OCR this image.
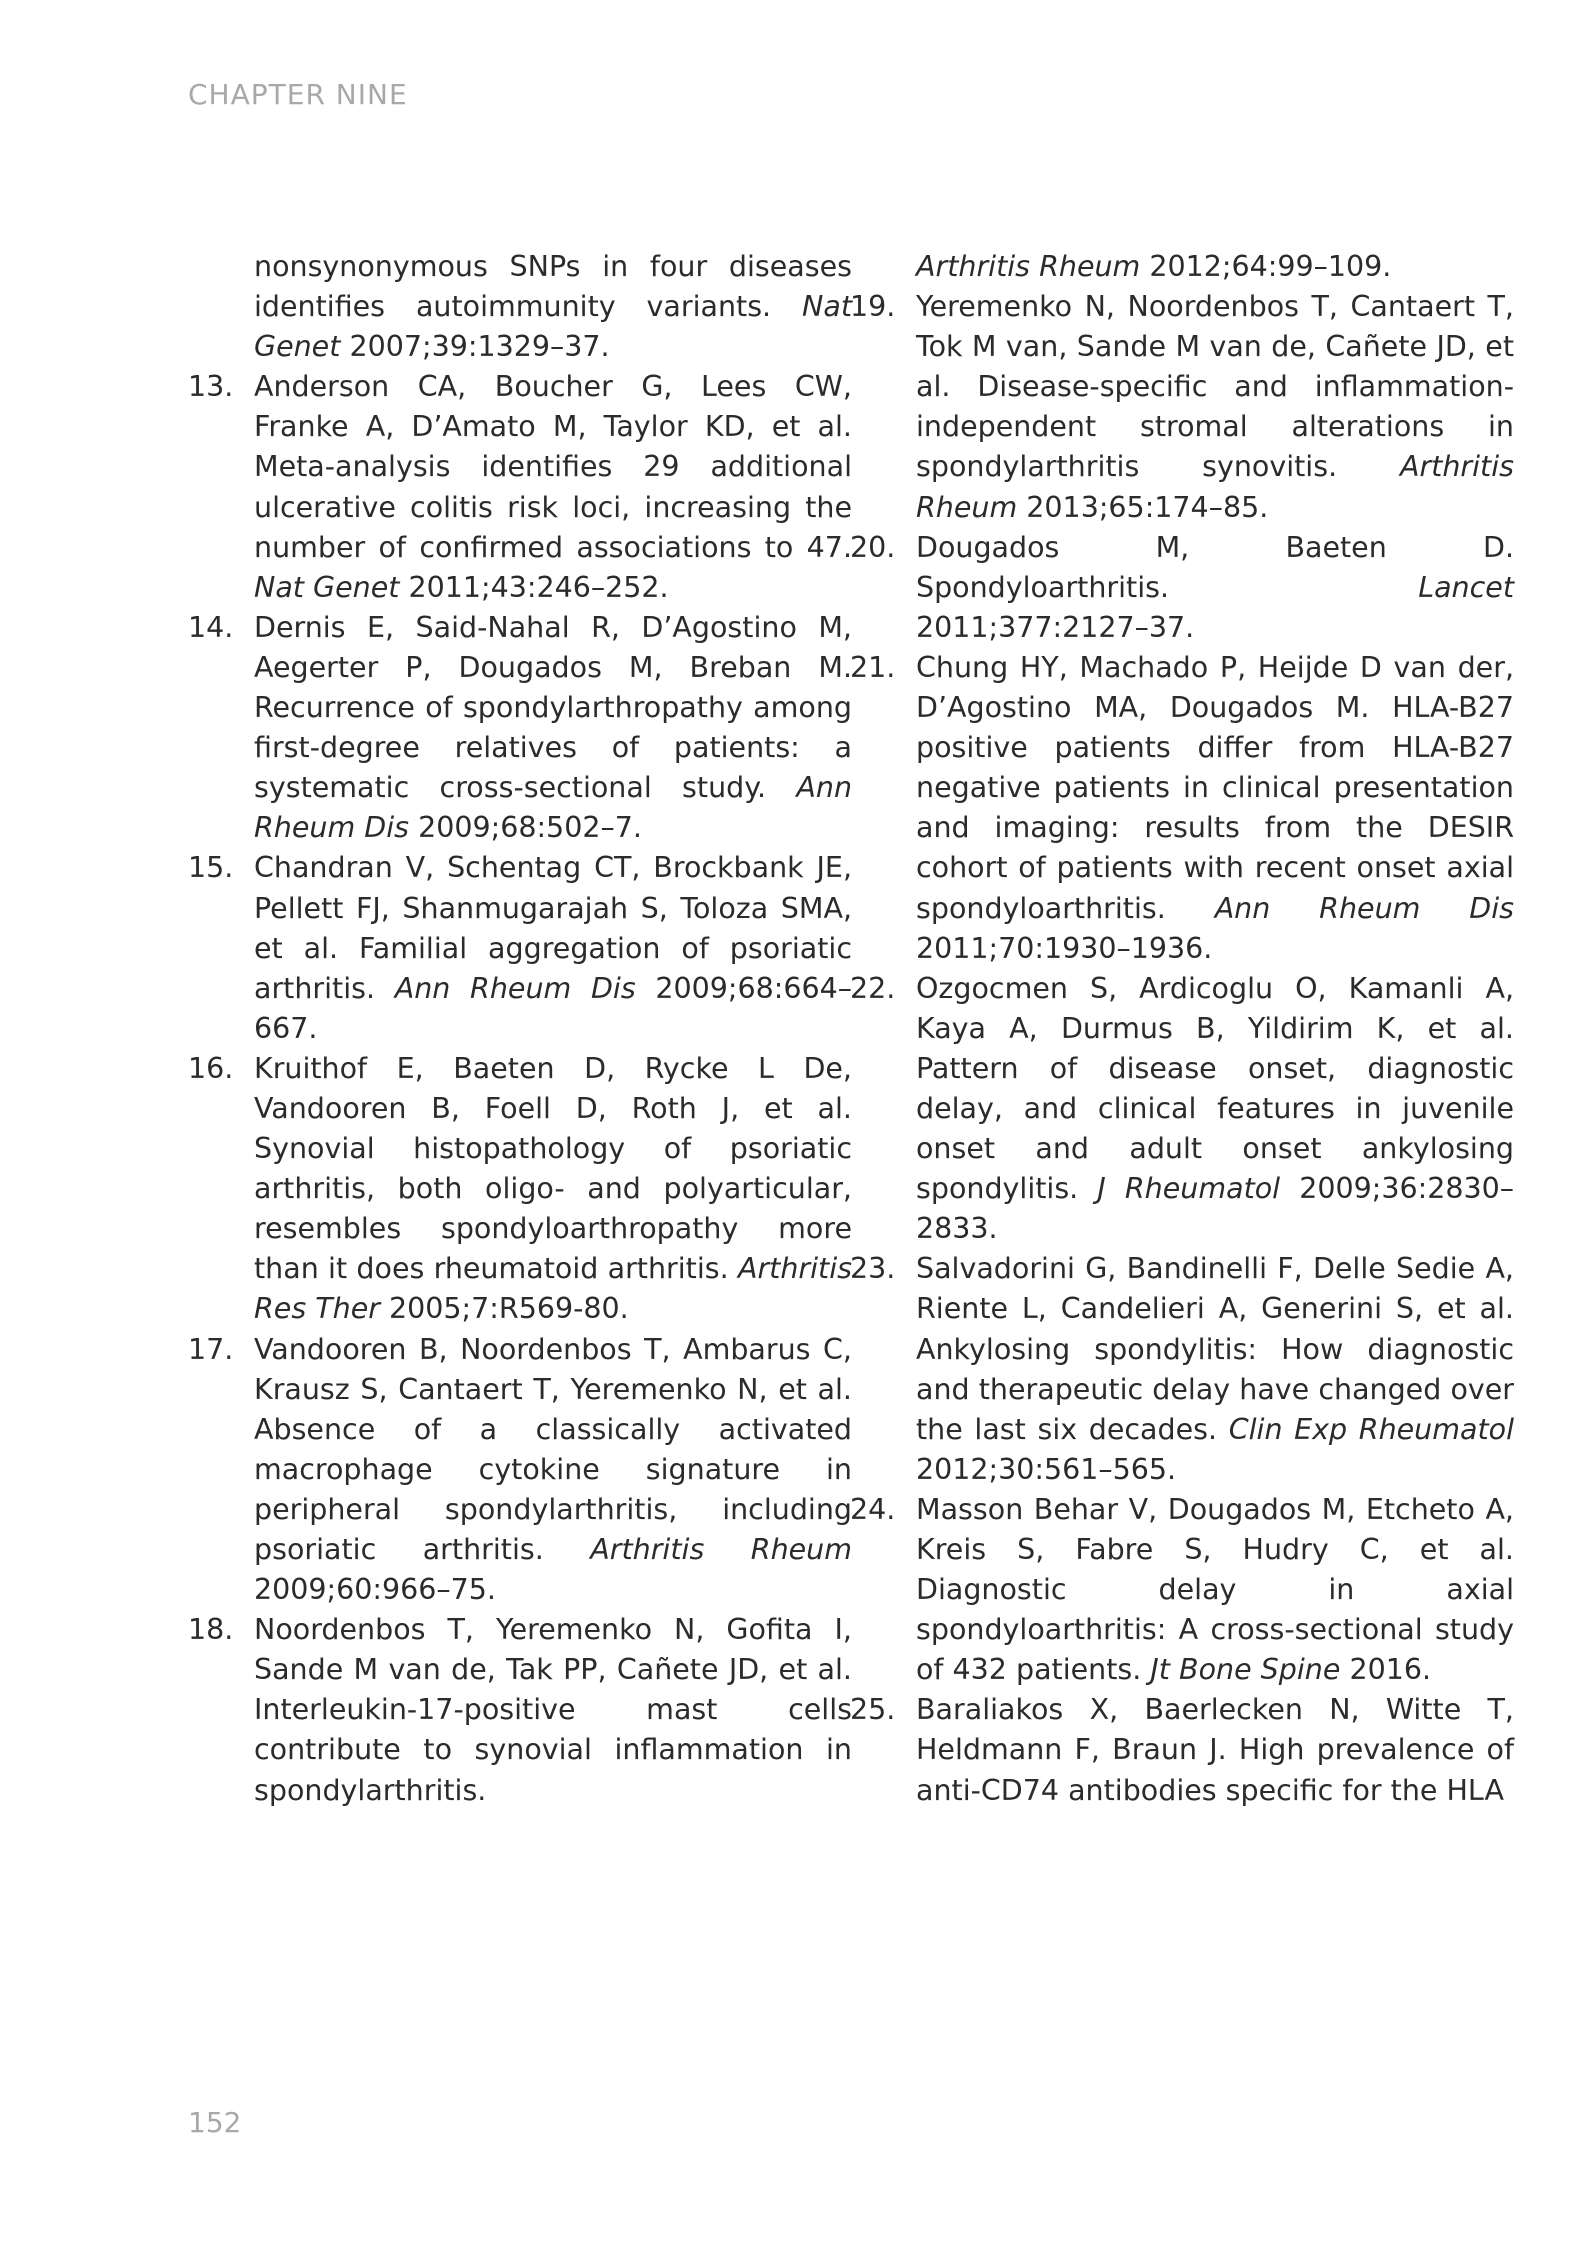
CHAPTER NINE
nonsynonymous SNPs in four diseases identifies autoimmunity variants. Nat Genet 2007;39:1329–37.
13. Anderson CA, Boucher G, Lees CW, Franke A, D’Amato M, Taylor KD, et al. Meta-analysis identifies 29 additional ulcerative colitis risk loci, increasing the number of confirmed associations to 47. Nat Genet 2011;43:246–252.
14. Dernis E, Said-Nahal R, D’Agostino M, Aegerter P, Dougados M, Breban M. Recurrence of spondylarthropathy among first-degree relatives of patients: a systematic cross-sectional study. Ann Rheum Dis 2009;68:502–7.
15. Chandran V, Schentag CT, Brockbank JE, Pellett FJ, Shanmugarajah S, Toloza SMA, et al. Familial aggregation of psoriatic arthritis. Ann Rheum Dis 2009;68:664–667.
16. Kruithof E, Baeten D, Rycke L De, Vandooren B, Foell D, Roth J, et al. Synovial histopathology of psoriatic arthritis, both oligo- and polyarticular, resembles spondyloarthropathy more than it does rheumatoid arthritis. Arthritis Res Ther 2005;7:R569-80.
17. Vandooren B, Noordenbos T, Ambarus C, Krausz S, Cantaert T, Yeremenko N, et al. Absence of a classically activated macrophage cytokine signature in peripheral spondylarthritis, including psoriatic arthritis. Arthritis Rheum 2009;60:966–75.
18. Noordenbos T, Yeremenko N, Gofita I, Sande M van de, Tak PP, Cañete JD, et al. Interleukin-17-positive mast cells contribute to synovial inflammation in spondylarthritis.
Arthritis Rheum 2012;64:99–109.
19. Yeremenko N, Noordenbos T, Cantaert T, Tok M van, Sande M van de, Cañete JD, et al. Disease-specific and inflammation-independent stromal alterations in spondylarthritis synovitis. Arthritis Rheum 2013;65:174–85.
20. Dougados M, Baeten D. Spondyloarthritis.	Lancet 2011;377:2127–37.
21. Chung HY, Machado P, Heijde D van der, D’Agostino MA, Dougados M. HLA-B27 positive patients differ from HLA-B27 negative patients in clinical presentation and imaging: results from the DESIR cohort of patients with recent onset axial spondyloarthritis. Ann Rheum Dis 2011;70:1930–1936.
22. Ozgocmen S, Ardicoglu O, Kamanli A, Kaya A, Durmus B, Yildirim K, et al. Pattern of disease onset, diagnostic delay, and clinical features in juvenile onset and adult onset ankylosing spondylitis. J Rheumatol 2009;36:2830–2833.
23. Salvadorini G, Bandinelli F, Delle Sedie A, Riente L, Candelieri A, Generini S, et al. Ankylosing spondylitis: How diagnostic and therapeutic delay have changed over the last six decades. Clin Exp Rheumatol 2012;30:561–565.
24. Masson Behar V, Dougados M, Etcheto A, Kreis S, Fabre S, Hudry C, et al. Diagnostic delay in axial spondyloarthritis: A cross-sectional study of 432 patients. Jt Bone Spine 2016.
25. Baraliakos X, Baerlecken N, Witte T, Heldmann F, Braun J. High prevalence of anti-CD74 antibodies specific for the HLA
152
